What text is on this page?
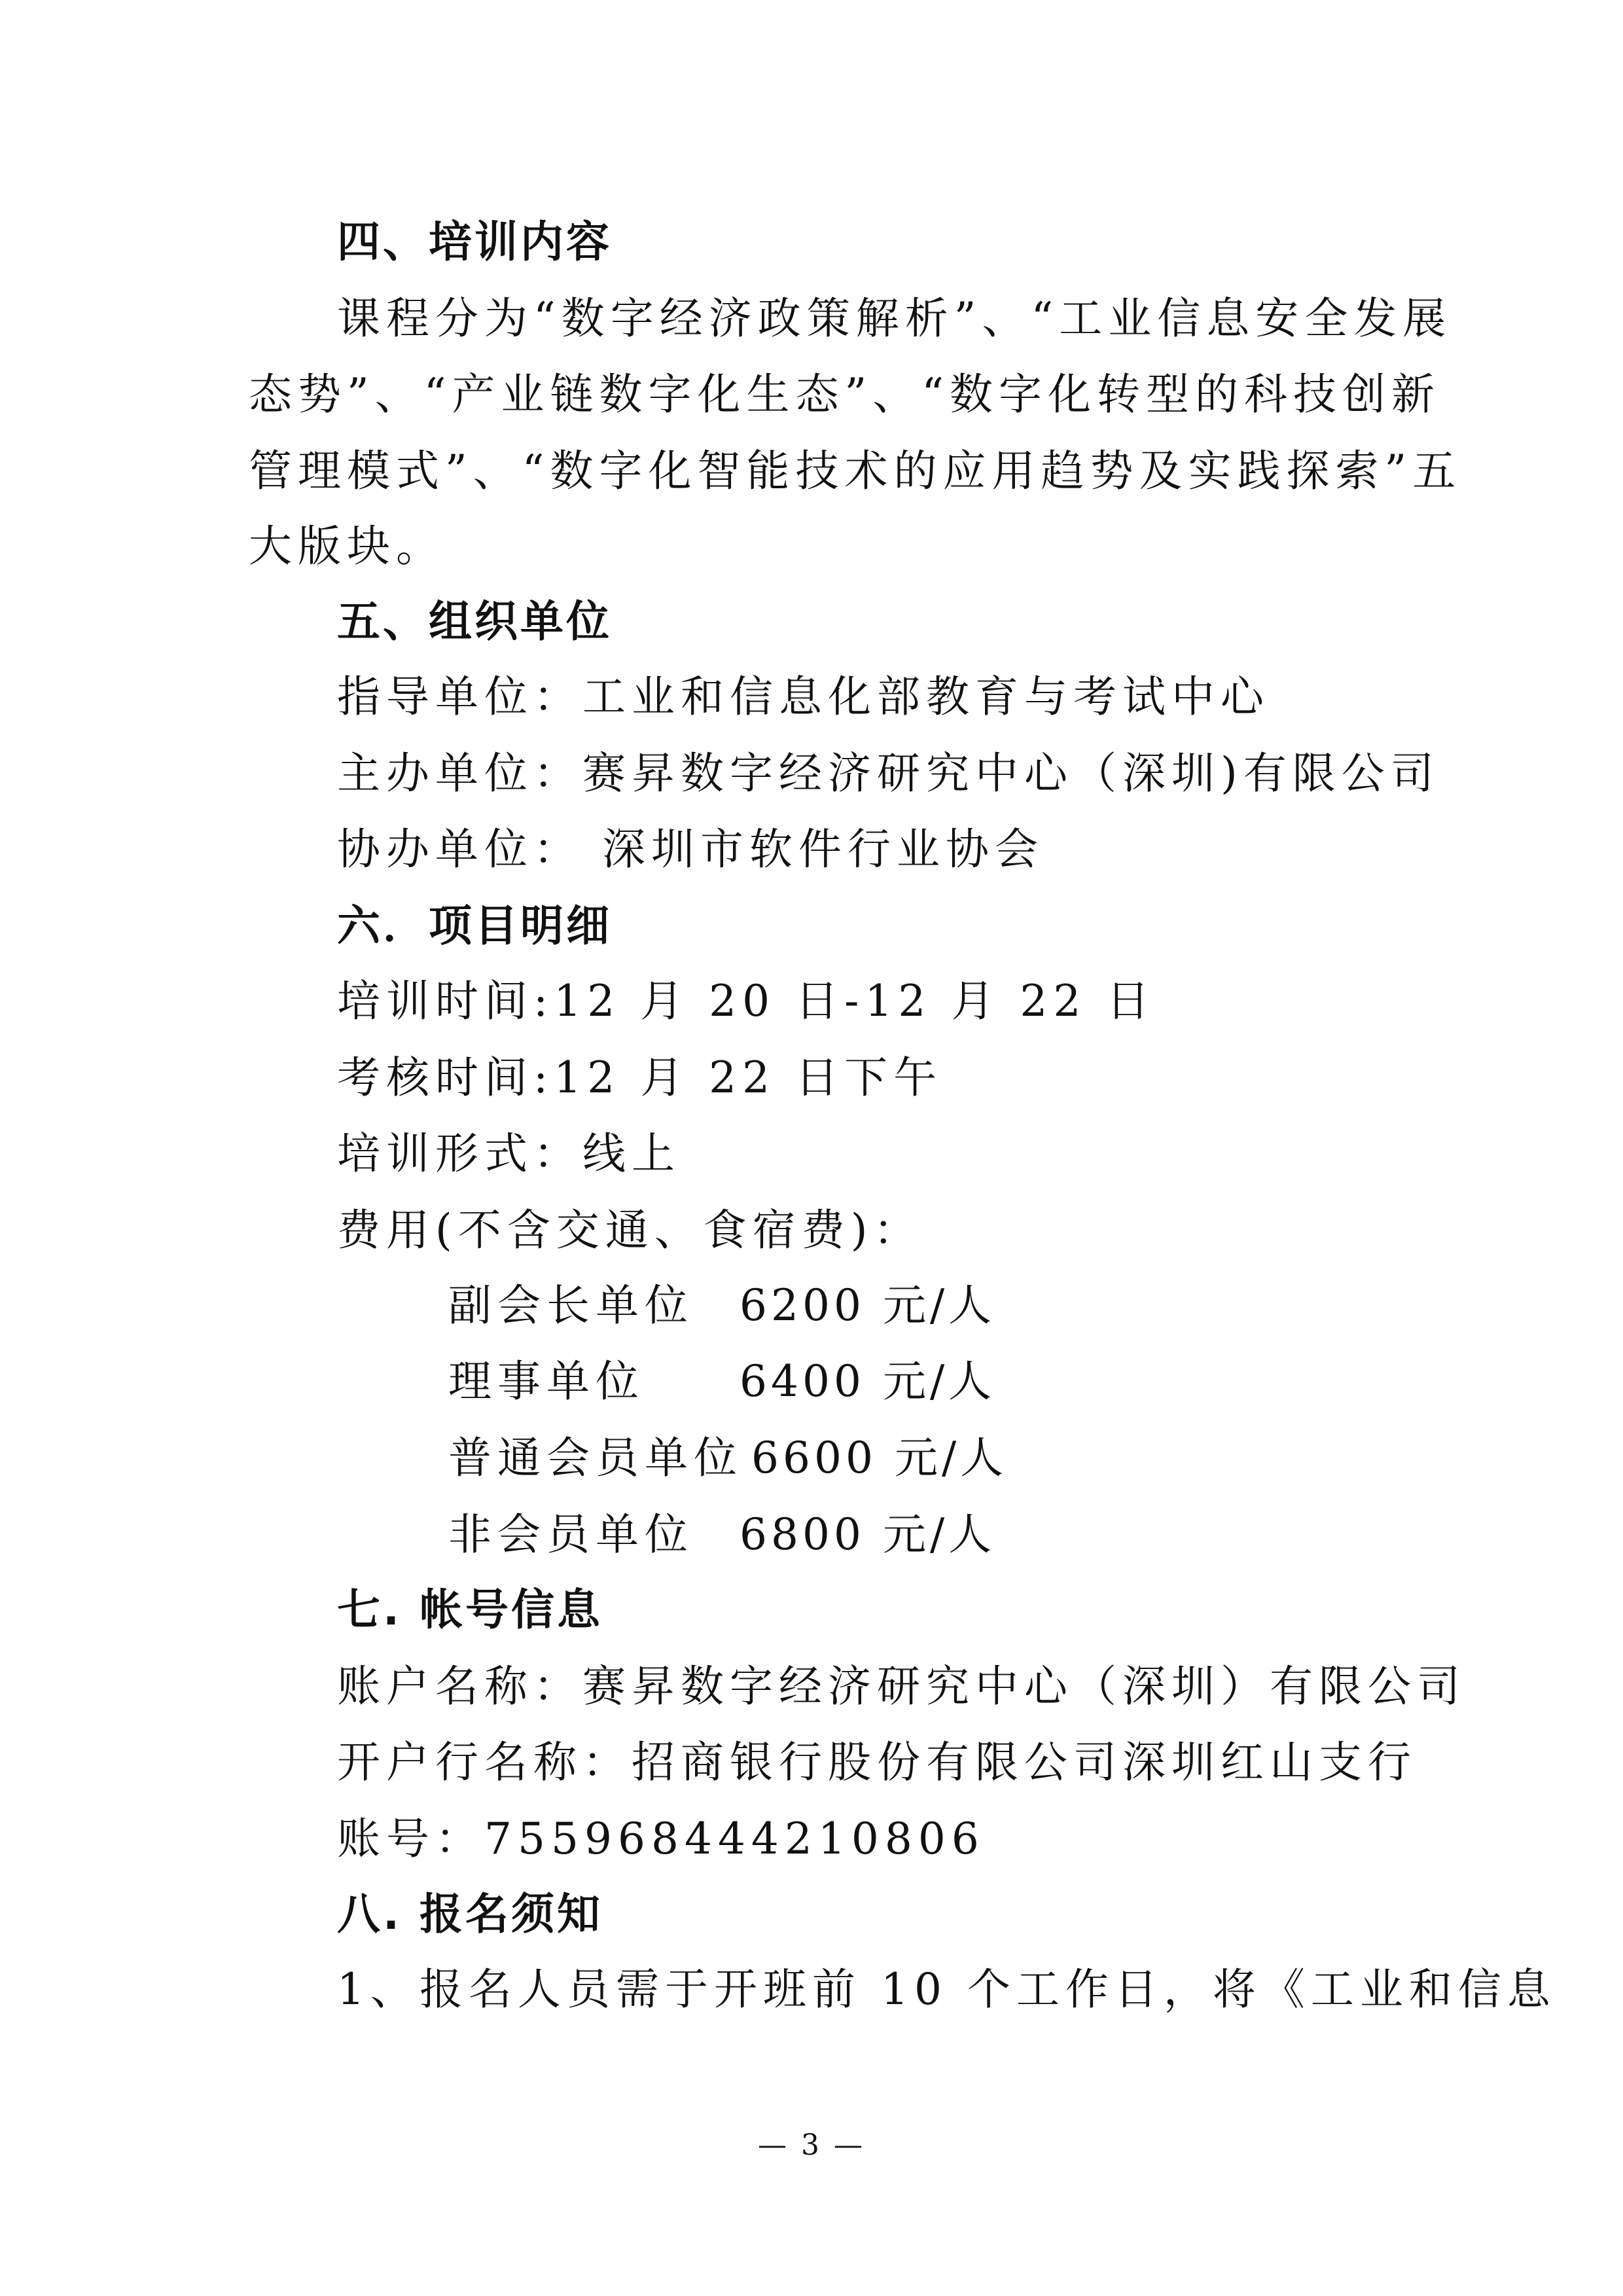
四、培训内容
课程分为“数字经济政策解析”、“工业信息安全发展
态势”、“产业链数字化生态”、“数字化转型的科技创新
管理模式”、“数字化智能技术的应用趋势及实践探索”五
大版块。
五、组织单位
指导单位：工业和信息化部教育与考试中心
主办单位：赛昇数字经济研究中心（深圳)有限公司
协办单位： 深圳市软件行业协会
六．项目明细
培训时间:12 月 20 日-12 月 22 日
考核时间:12 月 22 日下午
培训形式：线上
费用(不含交通、食宿费)：
副会长单位 6200 元/人
理事单位 6400 元/人
普通会员单位 6600 元/人
非会员单位 6800 元/人
七. 帐号信息
账户名称：赛昇数字经济研究中心（深圳）有限公司
开户行名称：招商银行股份有限公司深圳红山支行
账号：755968444210806
八. 报名须知
1、报名人员需于开班前 10 个工作日，将《工业和信息
— 3 —
